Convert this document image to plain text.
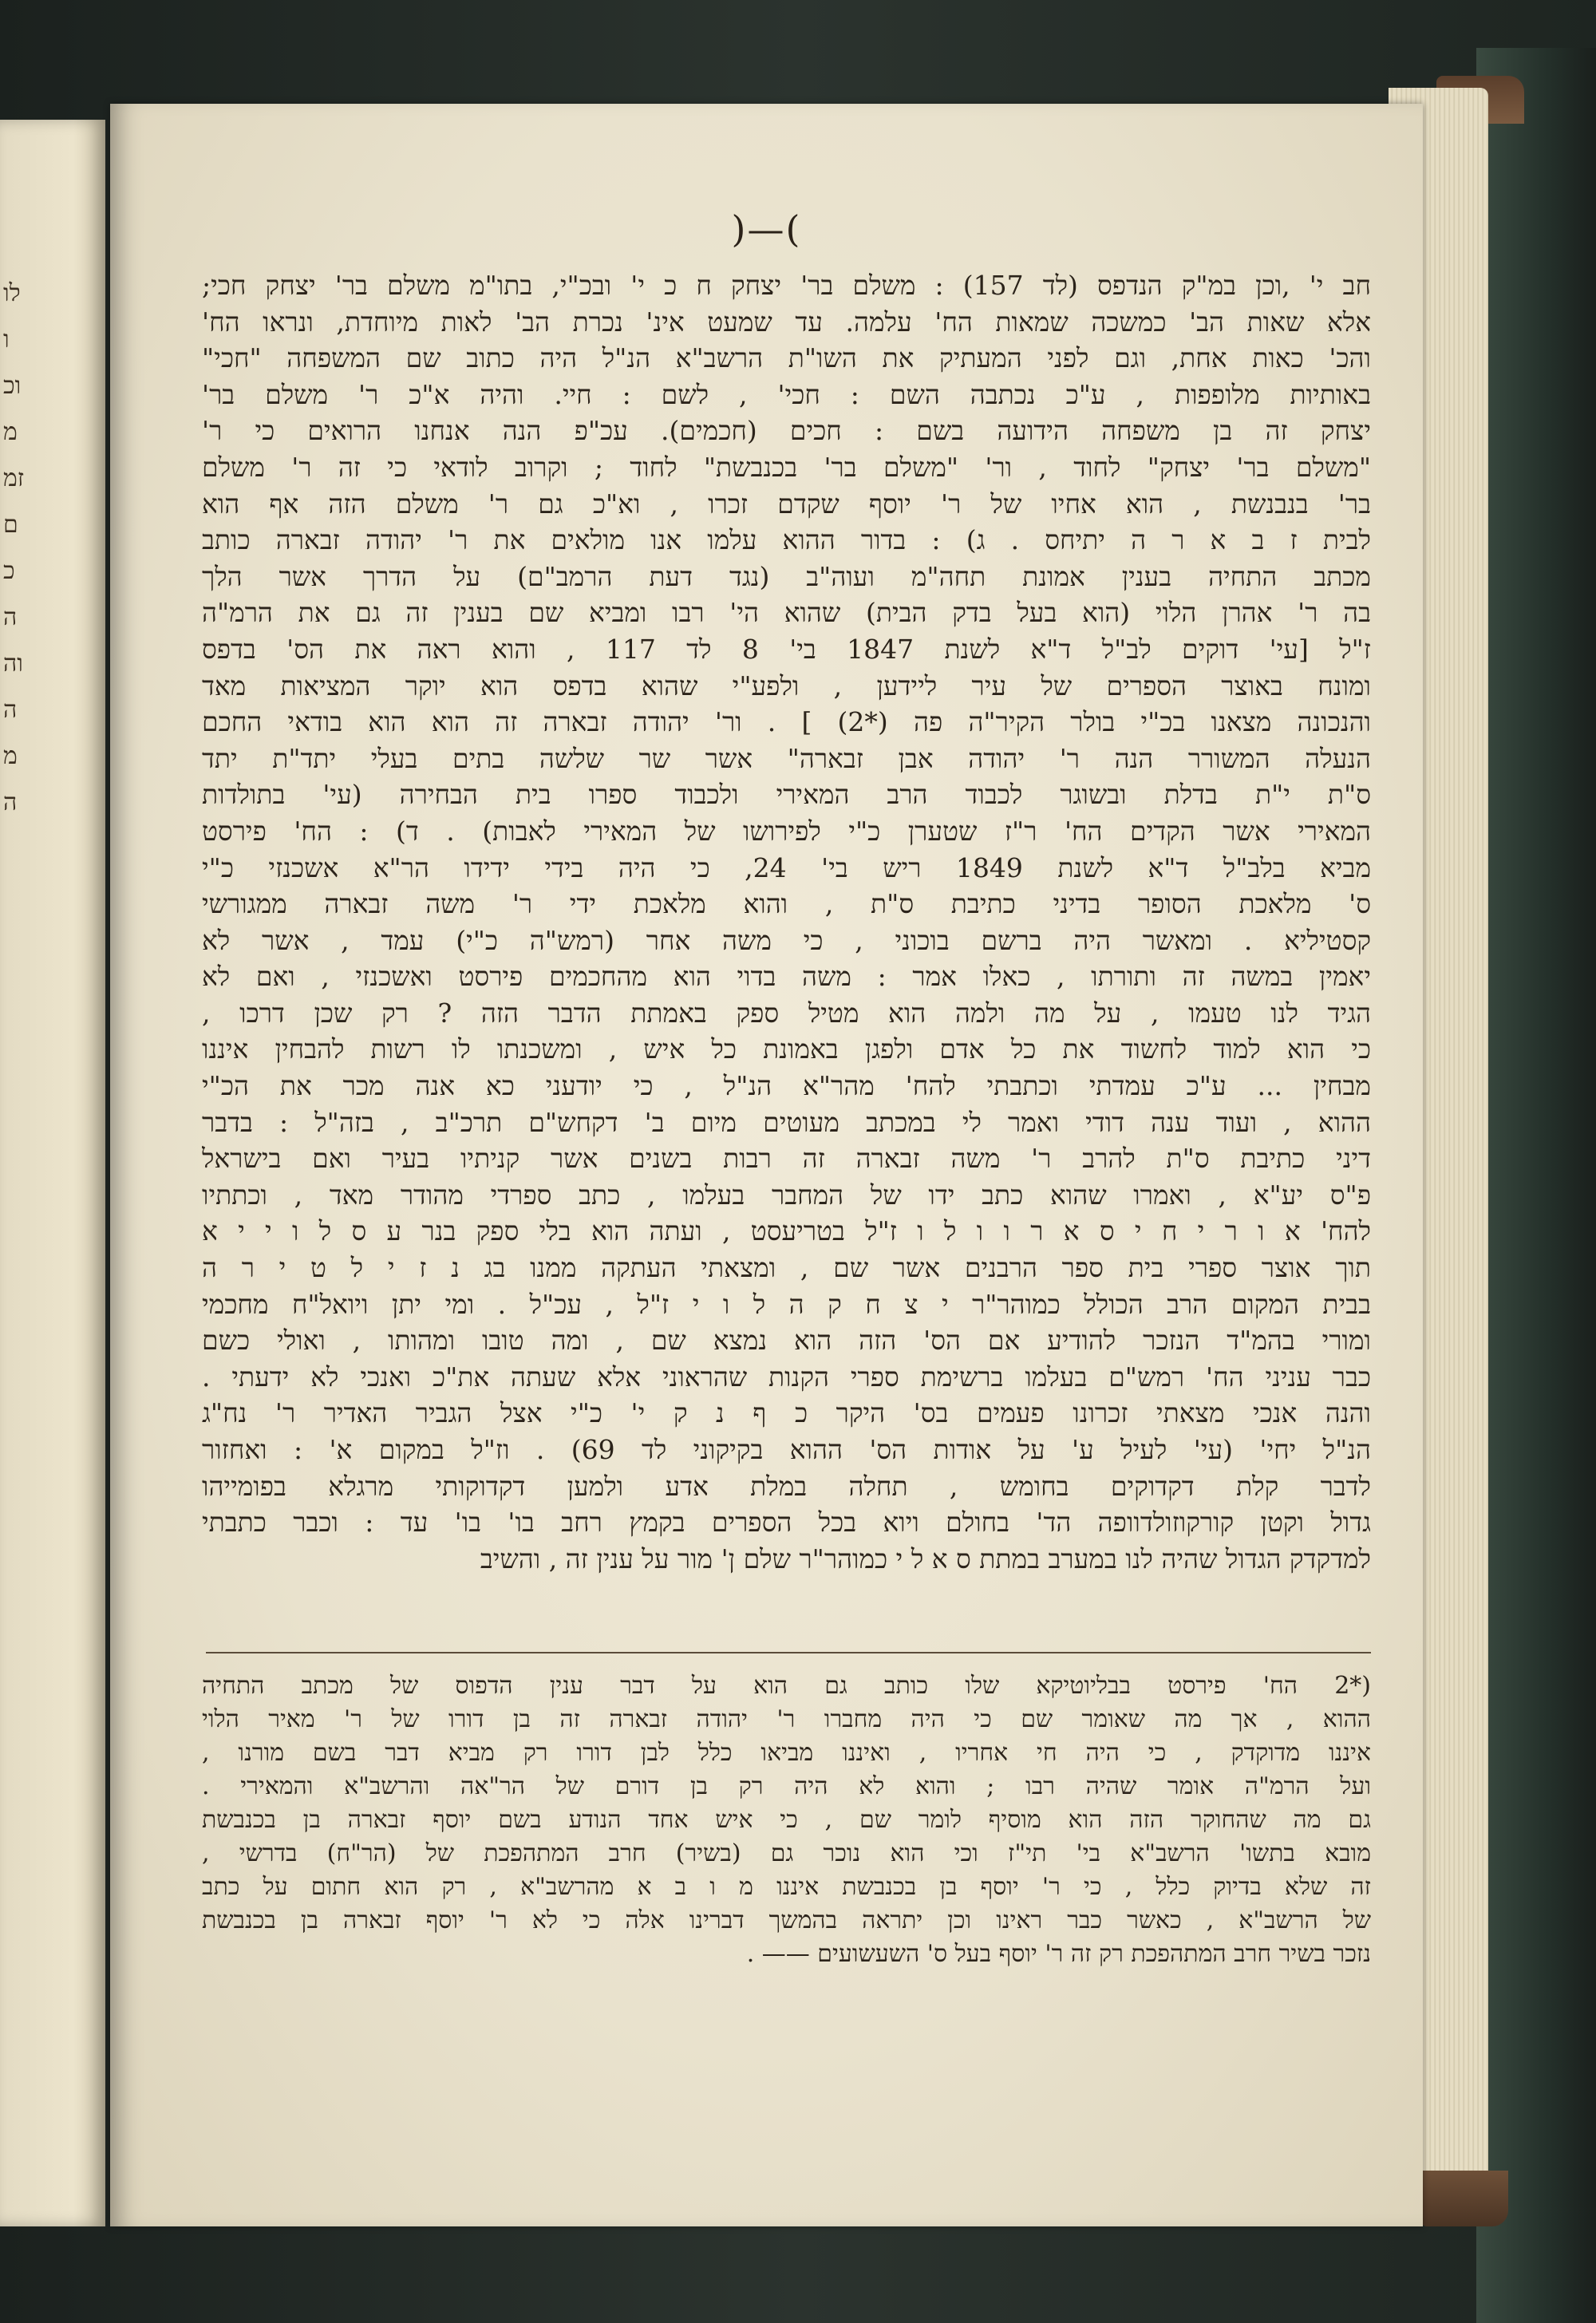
לו
ו
וכ
מ
זמ
ם
כ
ה
וה
ה
מ
ה
)—(
חב י' ,וכן במ"ק הנדפס (לד 157) : משלם בר' יצחק ח כ י' ובכ"י, בתו"מ משלם בר' יצחק חכי;
אלא שאות הב' כמשכה שמאות הח' עלמה. עד שמעט אינ' נכרת הב' לאות מיוחדת, ונראו הח'
והכ' כאות אחת, וגם לפני המעתיק את השו"ת הרשב"א הנ"ל היה כתוב שם המשפחה "חכי"
באותיות מלופפות , ע"כ נכתבה השם : חכי' , לשם : חיי. והיה א"כ ר' משלם בר'
יצחק זה בן משפחה הידועה בשם : חכים (חכמים). עכ"פ הנה אנחנו הרואים כי ר'
"משלם בר' יצחק" לחוד , ור' "משלם בר' בכנבשת" לחוד ; וקרוב לודאי כי זה ר' משלם
בר' בנבנשת , הוא אחיו של ר' יוסף שקדם זכרו , וא"כ גם ר' משלם הזה אף הוא
לבית ז ב א ר ה יתיחס . ג) : בדור ההוא עלמו אנו מולאים את ר' יהודה זבארה כותב
מכתב התחיה בענין אמונת תחה"מ ועוה"ב (נגד דעת הרמב"ם) על הדרך אשר הלך
בה ר' אהרן הלוי (הוא בעל בדק הבית) שהוא הי' רבו ומביא שם בענין זה גם את הרמ"ה
ז"ל [עי' דוקים לב"ל ד"א לשנת 1847 בי' 8 לד 117 , והוא ראה את הס' בדפס
ומונח באוצר הספרים של עיר ליידען , ולפע"י שהוא בדפס הוא יוקר המציאות מאד
והנכונה מצאנו בכ"י בולר הקיר"ה פה (*2) ] . ור' יהודה זבארה זה הוא הוא בודאי החכם
הנעלה המשורר הנה ר' יהודה אבן זבארה" אשר שר שלשה בתים בעלי יתד"ת יתד
ס"ת י"ת בדלת ובשוגר לכבוד הרב המאירי ולכבוד ספרו בית הבחירה (עי' בתולדות
המאירי אשר הקדים הח' ר"ז שטערן כ"י לפירושו של המאירי לאבות) . ד) : הח' פירסט
מביא בלב"ל ד"א לשנת 1849 ריש בי' 24, כי היה בידי ידידו הר"א אשכנזי כ"י
ס' מלאכת הסופר בדיני כתיבת ס"ת , והוא מלאכת ידי ר' משה זבארה ממגורשי
קסטיליא . ומאשר היה ברשם בוכוני , כי משה אחר (רמש"ה כ"י) עמד , אשר לא
יאמין במשה זה ותורתו , כאלו אמר : משה בדוי הוא מהחכמים פירסט ואשכנזי , ואם לא
הגיד לנו טעמו , על מה ולמה הוא מטיל ספק באמתת הדבר הזה ? רק שכן דרכו ,
כי הוא למוד לחשוד את כל אדם ולפגן באמונת כל איש , ומשכנתו לו רשות להבחין איננו
מבחין ... ע"כ עמדתי וכתבתי להח' מהר"א הנ"ל , כי יודעני כא אנה מכר את הכ"י
ההוא , ועוד ענה דודי ואמר לי במכתב מעוטים מיום ב' דקחש"ם תרכ"ב , בזה"ל : בדבר
דיני כתיבת ס"ת להרב ר' משה זבארה זה רבות בשנים אשר קניתיו בעיר ואם בישראל
פ"ס יע"א , ואמרו שהוא כתב ידו של המחבר בעלמו , כתב ספרדי מהודר מאד , וכתתיו
להח' א ו ר י ח י ס א ר ו ו ל ו ז"ל בטריעסט , ועתה הוא בלי ספק בנר ע ס ל ו י י א
תוך אוצר ספרי בית ספר הרבנים אשר שם , ומצאתי העתקה ממנו בג נ ז י ל ט י ר ה
בבית המקום הרב הכולל כמוהר"ר י צ ח ק ה ל ו י ז"ל , עכ"ל . ומי יתן ויואל"ח מחכמי
ומורי בהמ"ד הנזכר להודיע אם הס' הזה הוא נמצא שם , ומה טובו ומהותו , ואולי כשם
כבר עניני הח' רמש"ם בעלמו ברשימת ספרי הקנות שהראוני אלא שעתה את"כ ואנכי לא ידעתי .
והנה אנכי מצאתי זכרונו פעמים בס' היקר כ ף נ ק י' כ"י אצל הגביר האדיר ר' נח"ג
הנ"ל יחי' (עי' לעיל ע' על אודות הס' ההוא בקיקוני לד 69) . וז"ל במקום א' : ואחזור
לדבר קלת דקדוקים בחומש , תחלה במלת אדע ולמען דקדוקותי מרגלא בפומייהו
גדול וקטן קורקוזולדוופה הד' בחולם ויוא בכל הספרים בקמץ רחב בו' בו' עד : וכבר כתבתי
למדקדק הגדול שהיה לנו במערב במתת ס א ל י כמוהר"ר שלם ן' מור על ענין זה , והשיב
(*2 הח' פירסט בבליוטיקא שלו כותב גם הוא על דבר ענין הדפוס של מכתב התחיה
ההוא , אך מה שאומר שם כי היה מחברו ר' יהודה זבארה זה בן דורו של ר' מאיר הלוי
איננו מדוקדק , כי היה חי אחריו , ואיננו מביאו כלל לבן דורו רק מביא דבר בשם מורנו ,
ועל הרמ"ה אומר שהיה רבו ; והוא לא היה רק בן דורם של הר"אה והרשב"א והמאירי .
גם מה שהחוקר הזה הוא מוסיף לומר שם , כי איש אחד הנודע בשם יוסף זבארה בן בכנבשת
מובא בתשו' הרשב"א בי' תי"ז וכי הוא נוכר גם (בשיר) חרב המתהפכת של (הר"ח) בדרשי ,
זה שלא בדיוק כלל , כי ר' יוסף בן בכנבשת איננו מ ו ב א מהרשב"א , רק הוא חתום על כתב
של הרשב"א , כאשר כבר ראינו וכן יתראה בהמשך דברינו אלה כי לא ר' יוסף זבארה בן בכנבשת
נזכר בשיר חרב המתהפכת רק זה ר' יוסף בעל ס' השעשועים —— .
